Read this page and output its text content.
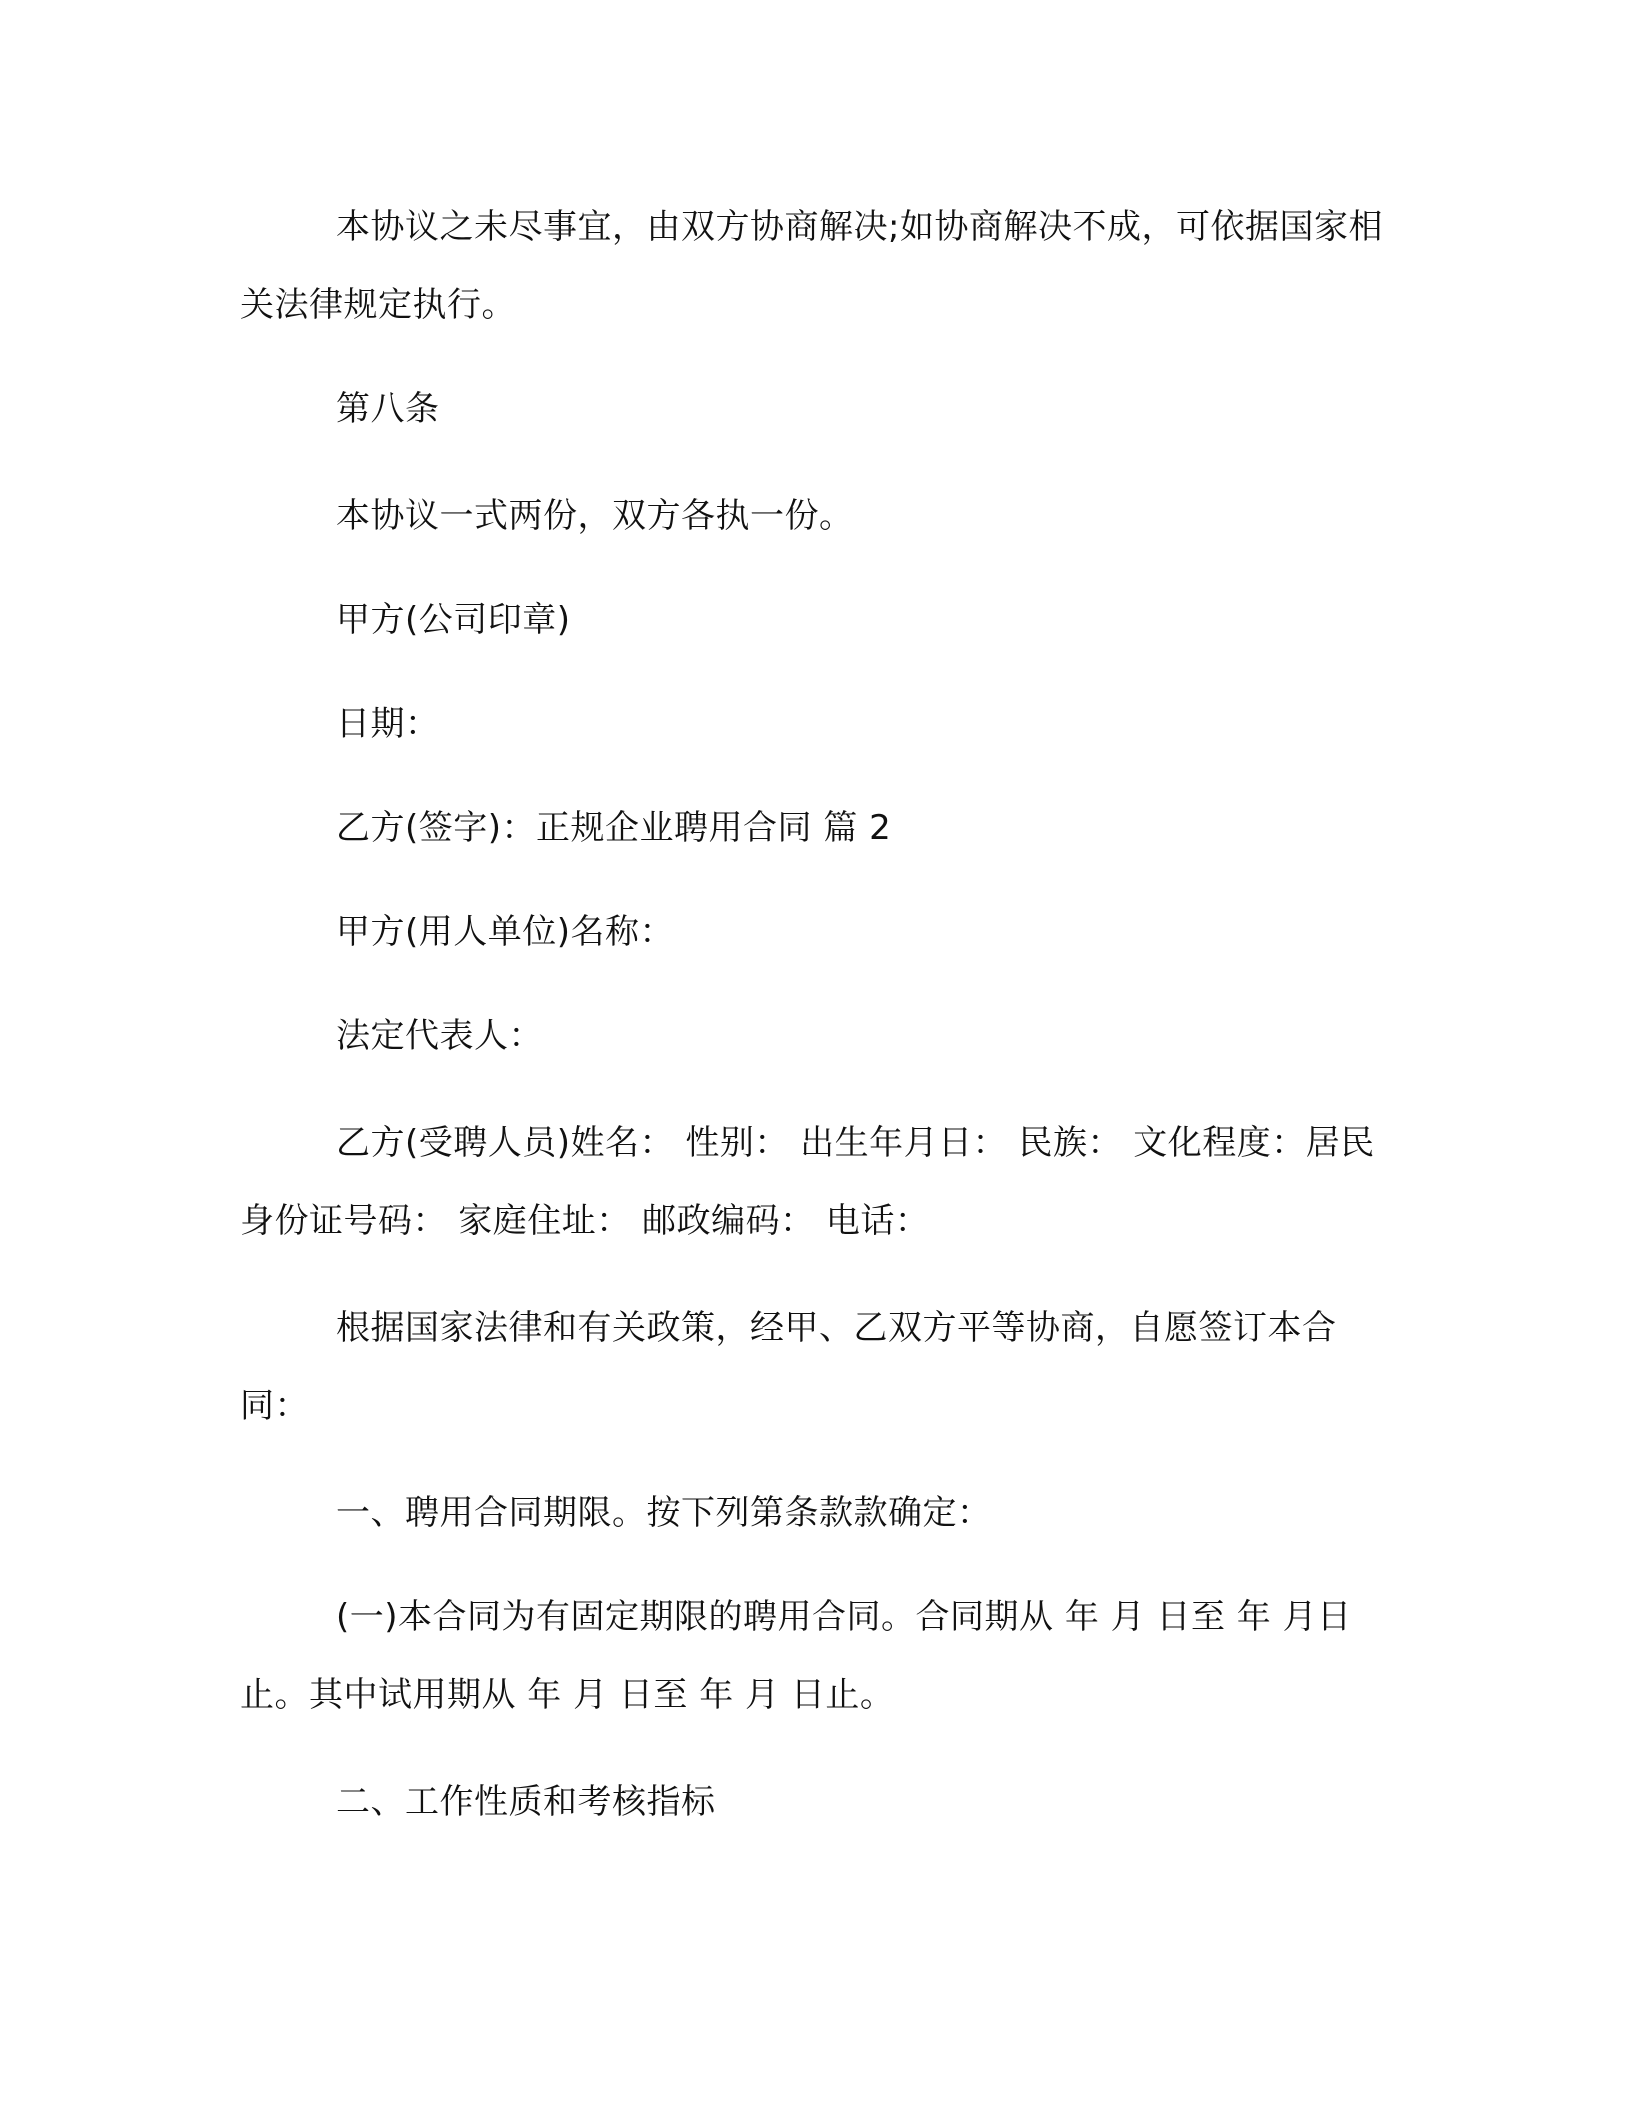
本协议之未尽事宜，由双方协商解决;如协商解决不成，可依据国家相关法律规定执行。

第八条

本协议一式两份，双方各执一份。

甲方(公司印章)

日期：

乙方(签字)：正规企业聘用合同 篇 2

甲方(用人单位)名称：

法定代表人：

乙方(受聘人员)姓名： 性别： 出生年月日： 民族： 文化程度：居民身份证号码： 家庭住址： 邮政编码： 电话：

根据国家法律和有关政策，经甲、乙双方平等协商，自愿签订本合同：

一、聘用合同期限。按下列第条款款确定：

(一)本合同为有固定期限的聘用合同。合同期从 年 月 日至 年 月日止。其中试用期从 年 月 日至 年 月 日止。

二、工作性质和考核指标
